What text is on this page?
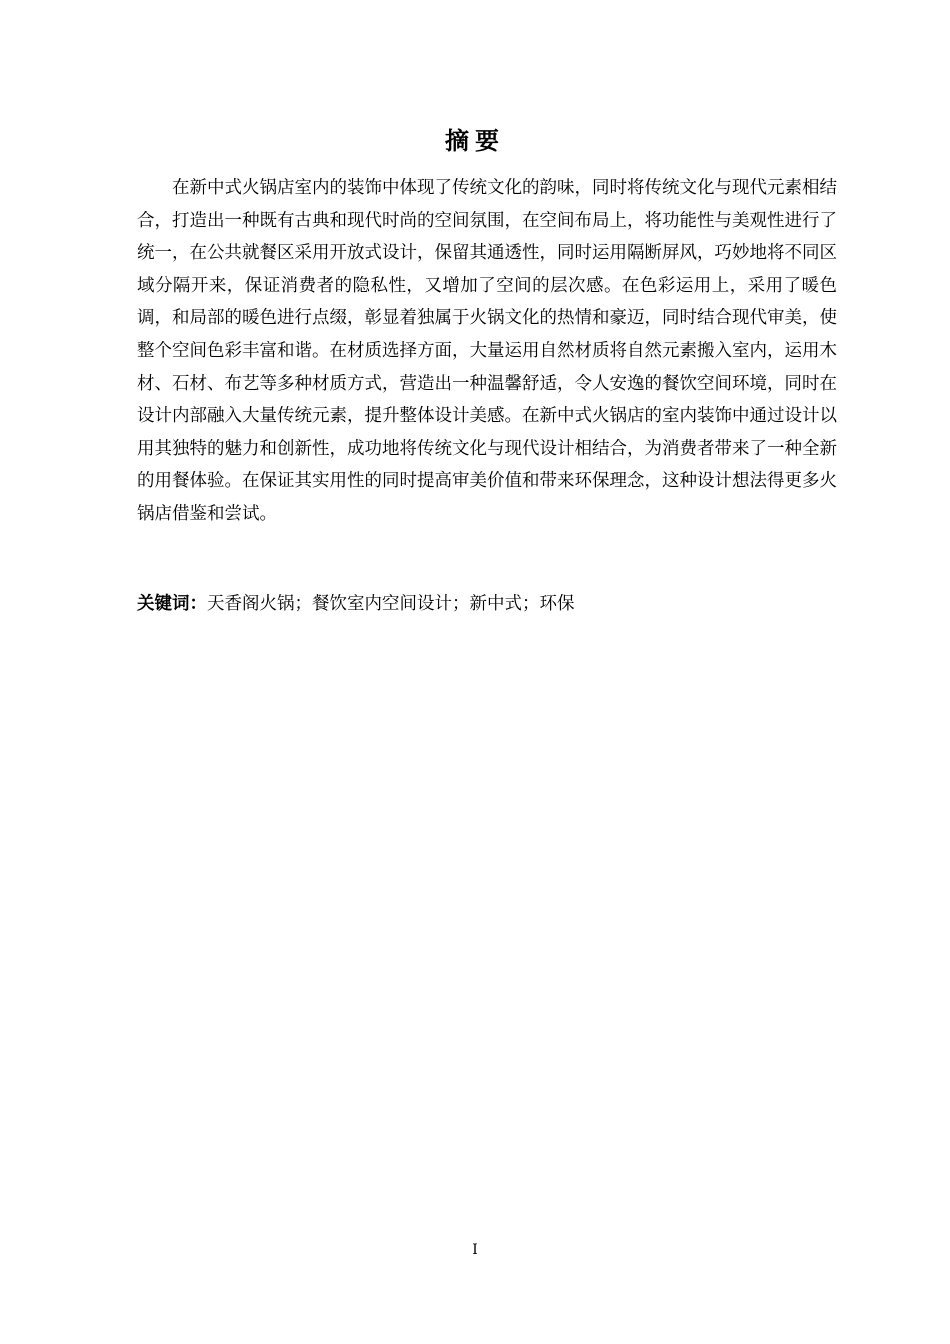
摘要

在新中式火锅店室内的装饰中体现了传统文化的韵味，同时将传统文化与现代元素相结合，打造出一种既有古典和现代时尚的空间氛围，在空间布局上，将功能性与美观性进行了统一，在公共就餐区采用开放式设计，保留其通透性，同时运用隔断屏风，巧妙地将不同区域分隔开来，保证消费者的隐私性，又增加了空间的层次感。在色彩运用上，采用了暖色调，和局部的暖色进行点缀，彰显着独属于火锅文化的热情和豪迈，同时结合现代审美，使整个空间色彩丰富和谐。在材质选择方面，大量运用自然材质将自然元素搬入室内，运用木材、石材、布艺等多种材质方式，营造出一种温馨舒适，令人安逸的餐饮空间环境，同时在设计内部融入大量传统元素，提升整体设计美感。在新中式火锅店的室内装饰中通过设计以用其独特的魅力和创新性，成功地将传统文化与现代设计相结合，为消费者带来了一种全新的用餐体验。在保证其实用性的同时提高审美价值和带来环保理念，这种设计想法得更多火锅店借鉴和尝试。

关键词：天香阁火锅；餐饮室内空间设计；新中式；环保

I
